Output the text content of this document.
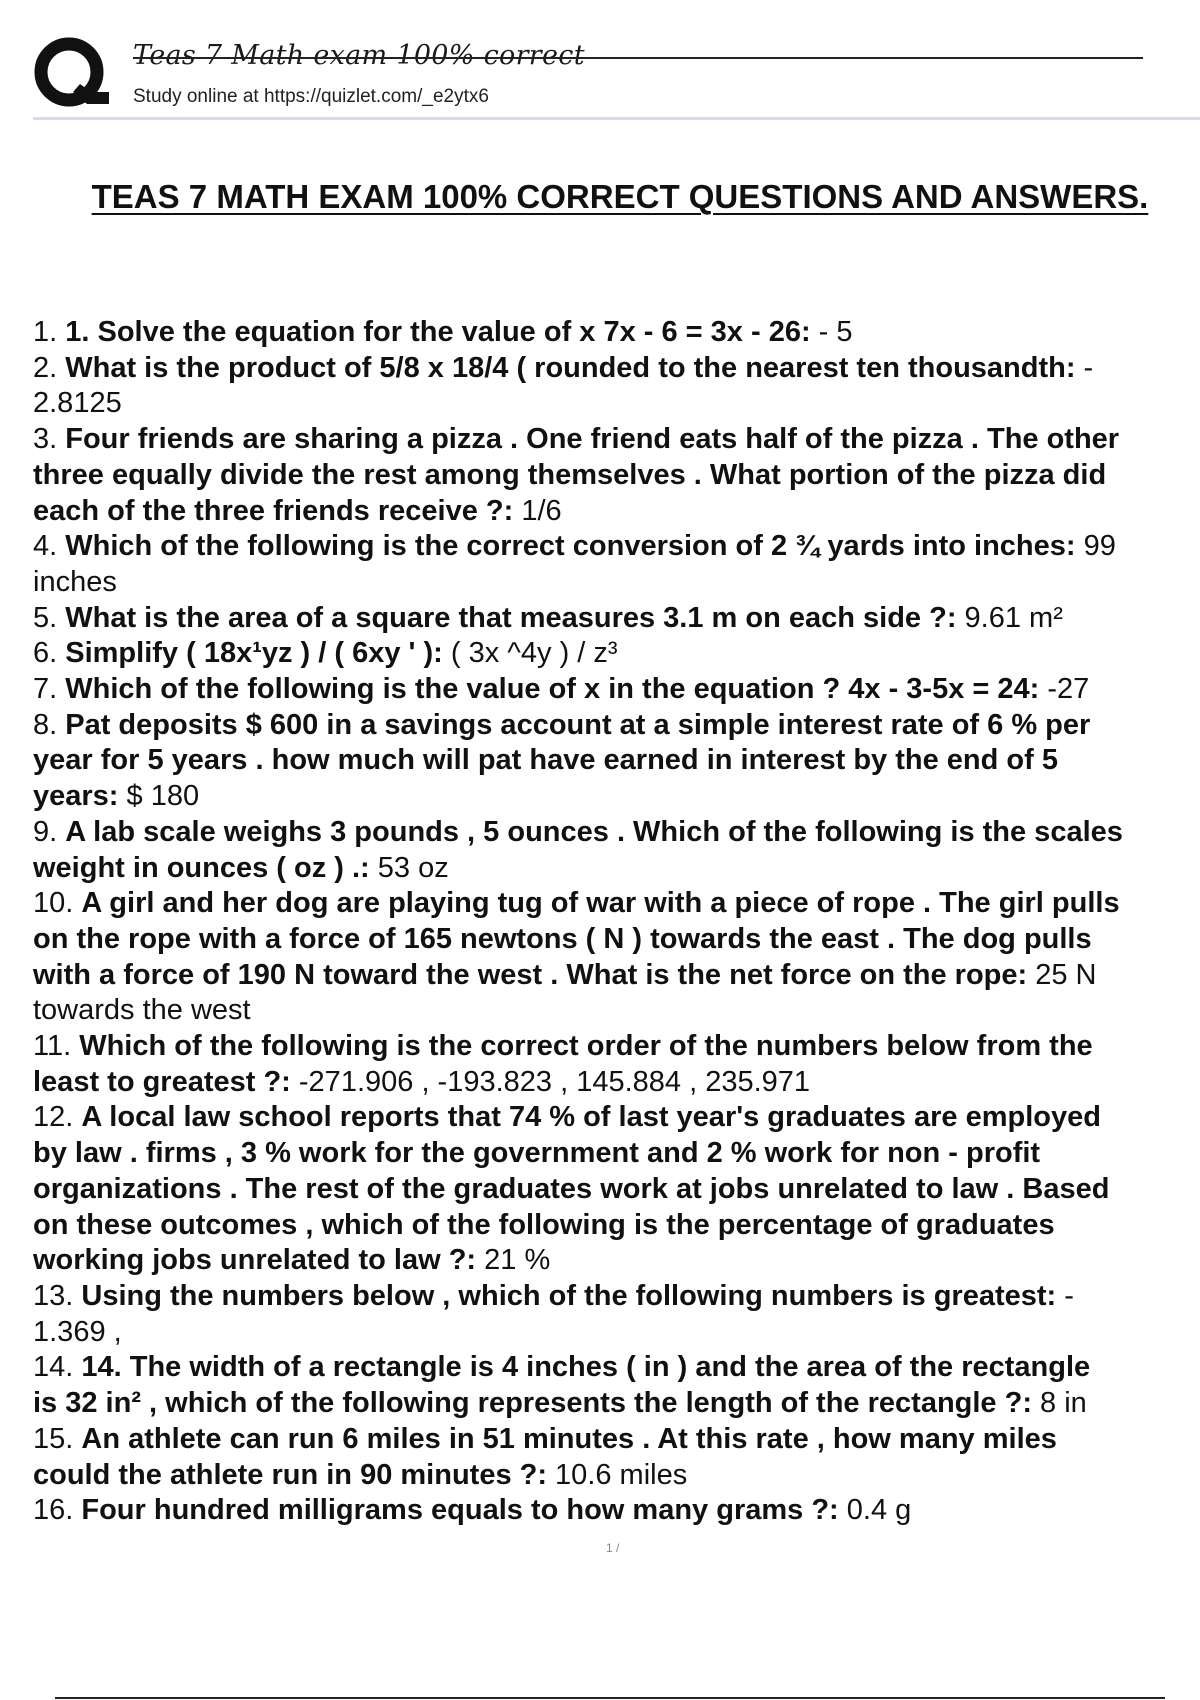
Teas 7 Math exam 100% correct
Study online at https://quizlet.com/_e2ytx6
TEAS 7 MATH EXAM 100% CORRECT QUESTIONS AND ANSWERS.
1. 1. Solve the equation for the value of x 7x - 6 = 3x - 26: - 5
2. What is the product of 5/8 x 18/4 ( rounded to the nearest ten thousandth: -
2.8125
3. Four friends are sharing a pizza . One friend eats half of the pizza . The other
three equally divide the rest among themselves . What portion of the pizza did
each of the three friends receive ?: 1/6
4. Which of the following is the correct conversion of 2 ¾ yards into inches: 99
inches
5. What is the area of a square that measures 3.1 m on each side ?: 9.61 m²
6. Simplify ( 18x¹yz ) / ( 6xy ' ): ( 3x ^4y ) / z³
7. Which of the following is the value of x in the equation ? 4x - 3-5x = 24: -27
8. Pat deposits $ 600 in a savings account at a simple interest rate of 6 % per
year for 5 years . how much will pat have earned in interest by the end of 5
years: $ 180
9. A lab scale weighs 3 pounds , 5 ounces . Which of the following is the scales
weight in ounces ( oz ) .: 53 oz
10. A girl and her dog are playing tug of war with a piece of rope . The girl pulls
on the rope with a force of 165 newtons ( N ) towards the east . The dog pulls
with a force of 190 N toward the west . What is the net force on the rope: 25 N
towards the west
11. Which of the following is the correct order of the numbers below from the
least to greatest ?: -271.906 , -193.823 , 145.884 , 235.971
12. A local law school reports that 74 % of last year's graduates are employed
by law . firms , 3 % work for the government and 2 % work for non - profit
organizations . The rest of the graduates work at jobs unrelated to law . Based
on these outcomes , which of the following is the percentage of graduates
working jobs unrelated to law ?: 21 %
13. Using the numbers below , which of the following numbers is greatest: -
1.369 ,
14. 14. The width of a rectangle is 4 inches ( in ) and the area of the rectangle
is 32 in² , which of the following represents the length of the rectangle ?: 8 in
15. An athlete can run 6 miles in 51 minutes . At this rate , how many miles
could the athlete run in 90 minutes ?: 10.6 miles
16. Four hundred milligrams equals to how many grams ?: 0.4 g
1 /
